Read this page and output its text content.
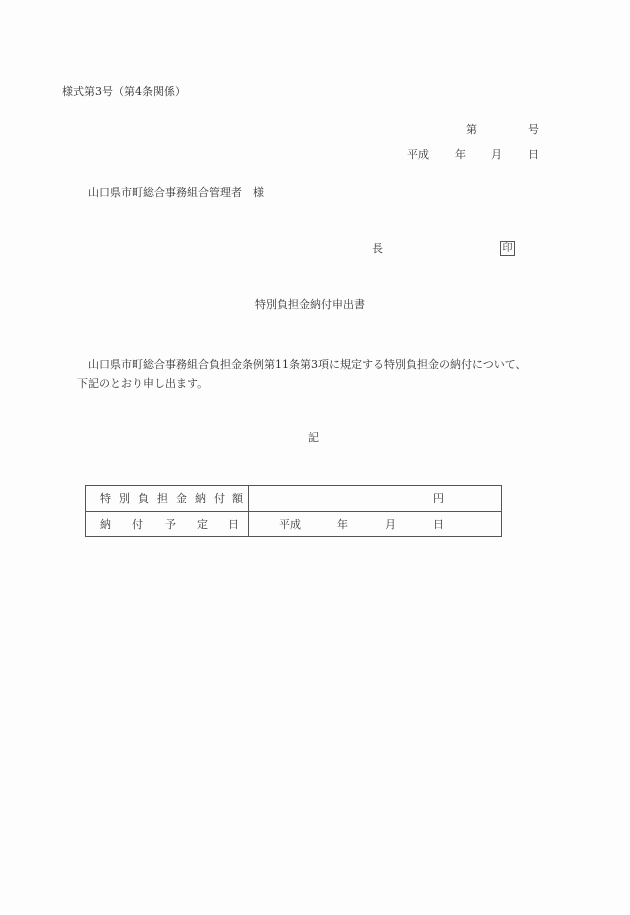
様式第3号（第4条関係）
第	号
平成 年 月 日
山口県市町総合事務組合管理者　様
長	印
特別負担金納付申出書
山口県市町総合事務組合負担金条例第11条第3項に規定する特別負担金の納付について、
下記のとおり申し出ます。
記
特 別 負 担 金 納 付 額	円
納 付 予 定 日	平成	年	月	日
